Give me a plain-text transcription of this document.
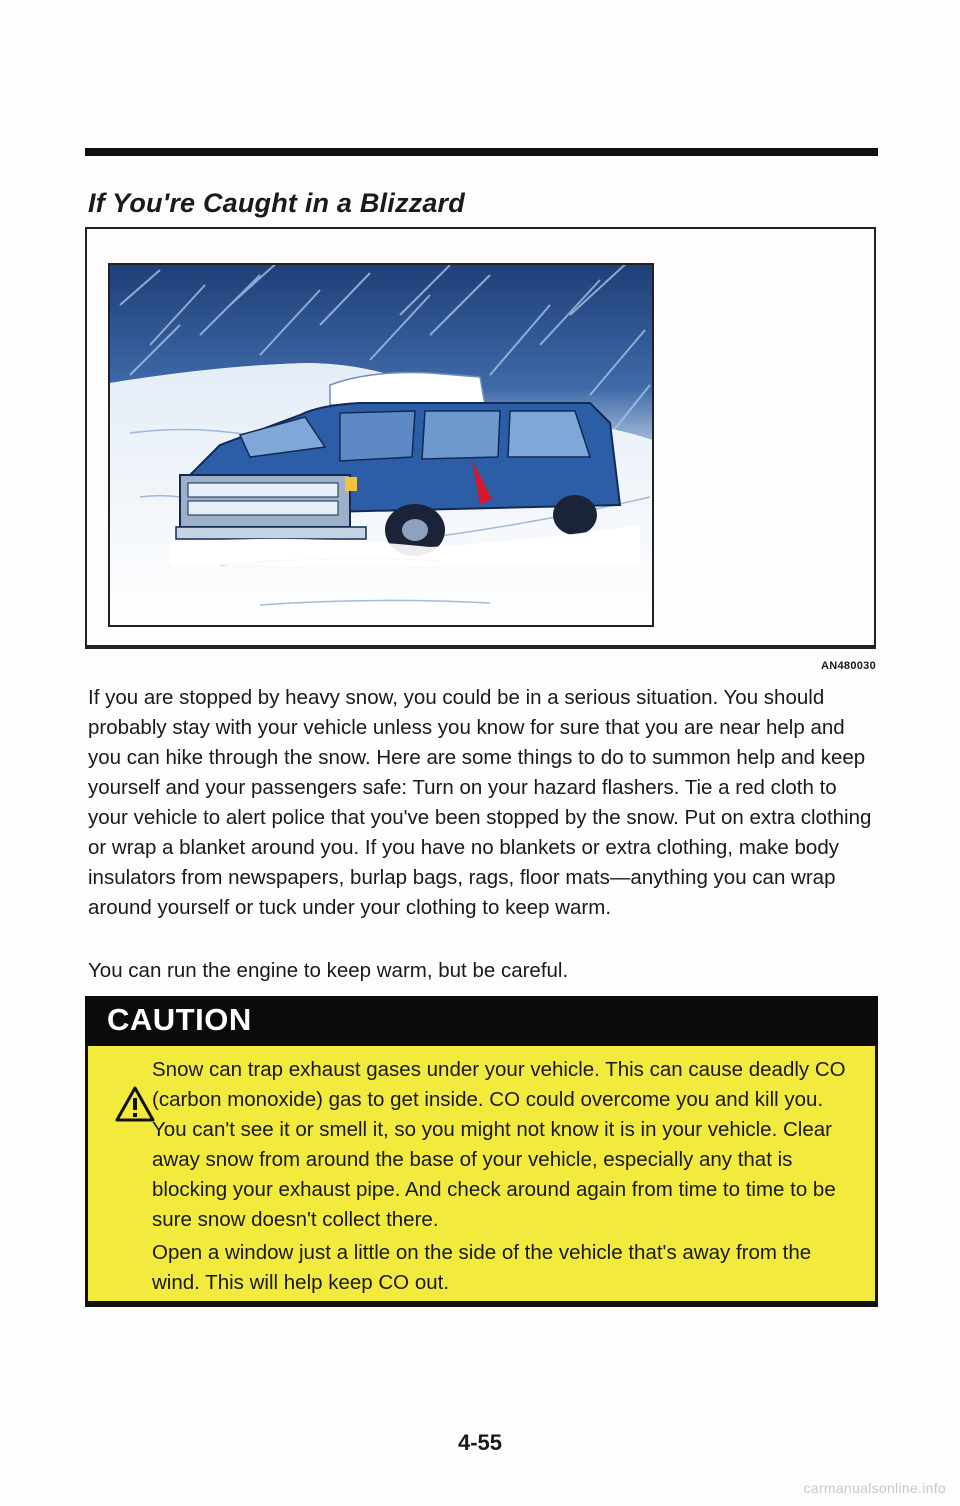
If You're Caught in a Blizzard
AN480030

If you are stopped by heavy snow, you could be in a serious situation. You should probably stay with your vehicle unless you know for sure that you are near help and you can hike through the snow. Here are some things to do to summon help and keep yourself and your passengers safe: Turn on your hazard flashers. Tie a red cloth to your vehicle to alert police that you've been stopped by the snow. Put on extra clothing or wrap a blanket around you. If you have no blankets or extra clothing, make body insulators from newspapers, burlap bags, rags, floor mats—anything you can wrap around yourself or tuck under your clothing to keep warm.

You can run the engine to keep warm, but be careful.

CAUTION

Snow can trap exhaust gases under your vehicle. This can cause deadly CO (carbon monoxide) gas to get inside. CO could overcome you and kill you. You can't see it or smell it, so you might not know it is in your vehicle. Clear away snow from around the base of your vehicle, especially any that is blocking your exhaust pipe. And check around again from time to time to be sure snow doesn't collect there.

Open a window just a little on the side of the vehicle that's away from the wind. This will help keep CO out.

4-55
carmanualsonline.info
